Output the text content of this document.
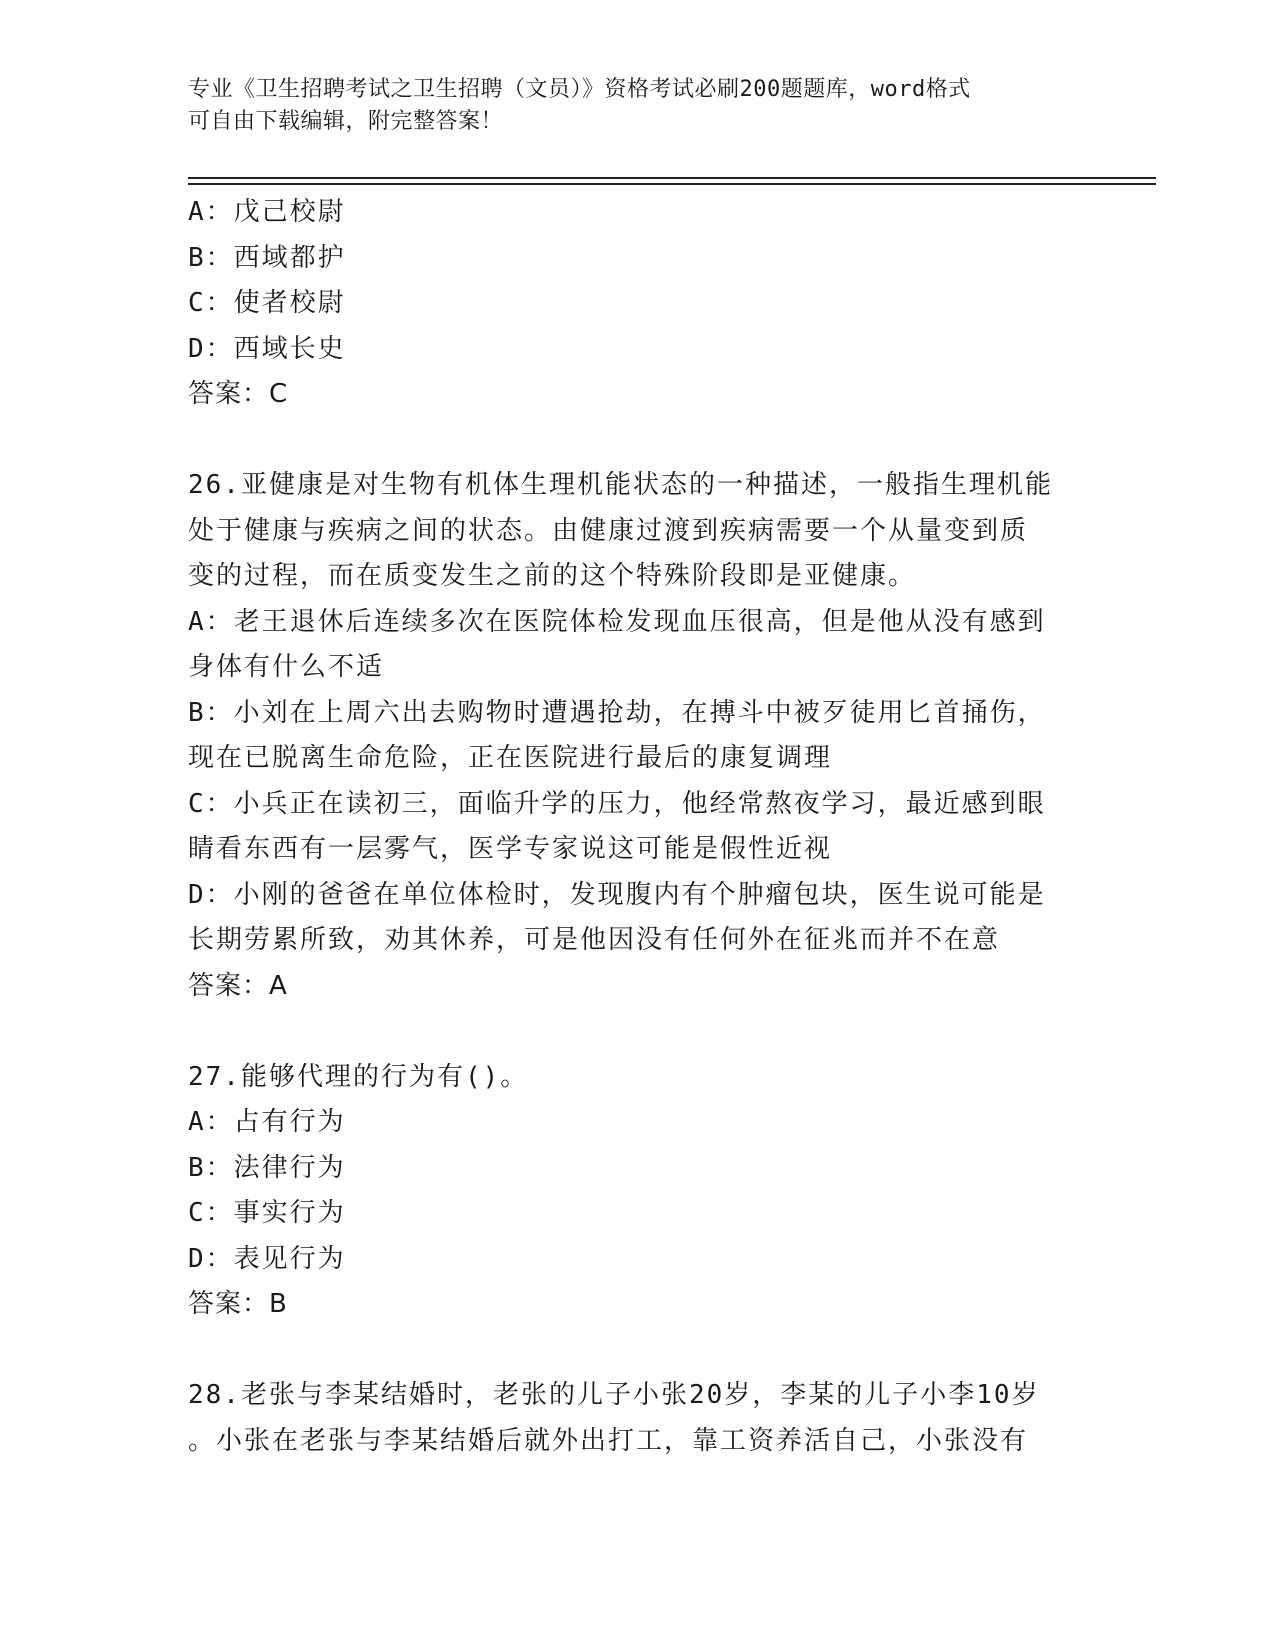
专业《卫生招聘考试之卫生招聘（文员）》资格考试必刷200题题库，word格式
可自由下载编辑，附完整答案！
A：戊己校尉
B：西域都护
C：使者校尉
D：西域长史
答案：C
26.亚健康是对生物有机体生理机能状态的一种描述，一般指生理机能
处于健康与疾病之间的状态。由健康过渡到疾病需要一个从量变到质
变的过程，而在质变发生之前的这个特殊阶段即是亚健康。
A：老王退休后连续多次在医院体检发现血压很高，但是他从没有感到
身体有什么不适
B：小刘在上周六出去购物时遭遇抢劫，在搏斗中被歹徒用匕首捅伤，
现在已脱离生命危险，正在医院进行最后的康复调理
C：小兵正在读初三，面临升学的压力，他经常熬夜学习，最近感到眼
睛看东西有一层雾气，医学专家说这可能是假性近视
D：小刚的爸爸在单位体检时，发现腹内有个肿瘤包块，医生说可能是
长期劳累所致，劝其休养，可是他因没有任何外在征兆而并不在意
答案：A
27.能够代理的行为有()。
A：占有行为
B：法律行为
C：事实行为
D：表见行为
答案：B
28.老张与李某结婚时，老张的儿子小张20岁，李某的儿子小李10岁
。小张在老张与李某结婚后就外出打工，靠工资养活自己，小张没有
